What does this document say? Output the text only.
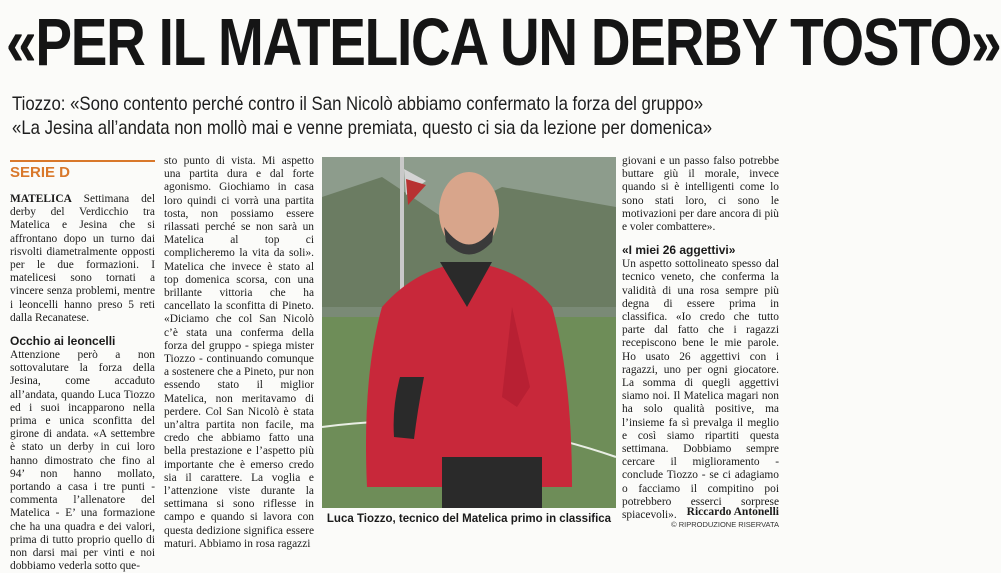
«PER IL MATELICA UN DERBY TOSTO»
Tiozzo: «Sono contento perché contro il San Nicolò abbiamo confermato la forza del gruppo»
«La Jesina all’andata non mollò mai e venne premiata, questo ci sia da lezione per domenica»
SERIE D

MATELICA Settimana del derby del Verdicchio tra Matelica e Jesina che si affrontano dopo un turno dai risvolti diametralmente opposti per le due formazioni. I matelicesi sono tornati a vincere senza problemi, mentre i leoncelli hanno preso 5 reti dalla Recanatese.

Occhio ai leoncelli

Attenzione però a non sottovalutare la forza della Jesina, come accaduto all’andata, quando Luca Tiozzo ed i suoi incapparono nella prima e unica sconfitta del girone di andata. «A settembre è stato un derby in cui loro hanno dimostrato che fino al 94’ non hanno mollato, portando a casa i tre punti - commenta l’allenatore del Matelica - E’ una formazione che ha una quadra e dei valori, prima di tutto proprio quello di non darsi mai per vinti e noi dobbiamo vederla sotto que-

sto punto di vista. Mi aspetto una partita dura e dal forte agonismo. Giochiamo in casa loro quindi ci vorrà una partita tosta, non possiamo essere rilassati perché se non sarà un Matelica al top ci complicheremo la vita da soli». Matelica che invece è stato al top domenica scorsa, con una brillante vittoria che ha cancellato la sconfitta di Pineto. «Diciamo che col San Nicolò c’è stata una conferma della forza del gruppo - spiega mister Tiozzo - continuando comunque a sostenere che a Pineto, pur non essendo stato il miglior Matelica, non meritavamo di perdere. Col San Nicolò è stata un’altra partita non facile, ma credo che abbiamo fatto una bella prestazione e l’aspetto più importante che è emerso credo sia il carattere. La voglia e l’attenzione viste durante la settimana si sono riflesse in campo e quando si lavora con questa dedizione significa essere maturi. Abbiamo in rosa ragazzi

Luca Tiozzo, tecnico del Matelica primo in classifica

giovani e un passo falso potrebbe buttare giù il morale, invece quando si è intelligenti come lo sono stati loro, ci sono le motivazioni per dare ancora di più e voler combattere».

«I miei 26 aggettivi»

Un aspetto sottolineato spesso dal tecnico veneto, che conferma la validità di una rosa sempre più degna di essere prima in classifica. «Io credo che tutto parte dal fatto che i ragazzi recepiscono bene le mie parole. Ho usato 26 aggettivi con i ragazzi, uno per ogni giocatore. La somma di quegli aggettivi siamo noi. Il Matelica magari non ha solo qualità positive, ma l’insieme fa sì prevalga il meglio e così siamo ripartiti questa settimana. Dobbiamo sempre cercare il miglioramento - conclude Tiozzo - se ci adagiamo o facciamo il compitino poi potrebbero esserci sorprese spiacevoli». Riccardo Antonelli
© RIPRODUZIONE RISERVATA
